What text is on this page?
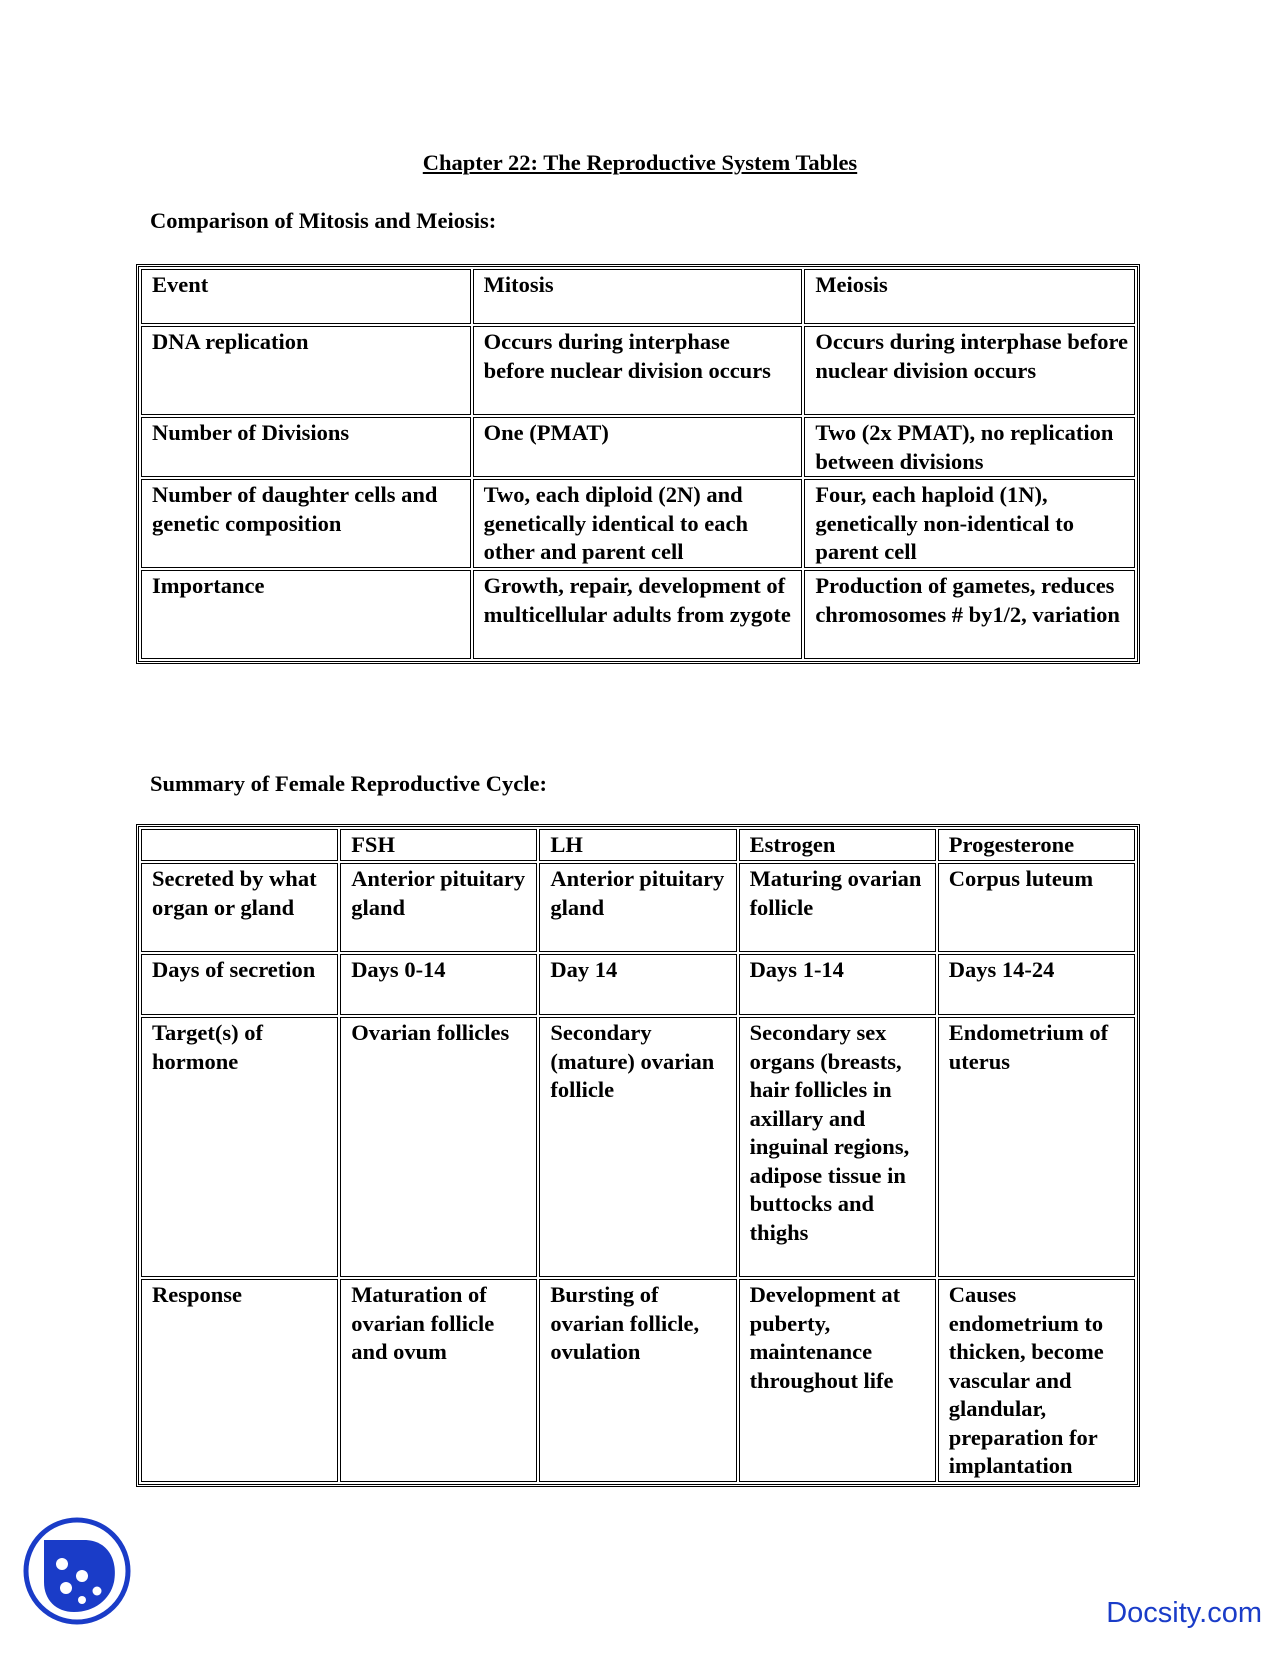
Chapter 22: The Reproductive System Tables
Comparison of Mitosis and Meiosis:
Event	Mitosis	Meiosis
DNA replication	Occurs during interphase before nuclear division occurs	Occurs during interphase before nuclear division occurs
Number of Divisions	One (PMAT)	Two (2x PMAT), no replication between divisions
Number of daughter cells and genetic composition	Two, each diploid (2N) and genetically identical to each other and parent cell	Four, each haploid (1N), genetically non-identical to parent cell
Importance	Growth, repair, development of multicellular adults from zygote	Production of gametes, reduces chromosomes # by1/2, variation
Summary of Female Reproductive Cycle:
	FSH	LH	Estrogen	Progesterone
Secreted by what organ or gland	Anterior pituitary gland	Anterior pituitary gland	Maturing ovarian follicle	Corpus luteum
Days of secretion	Days 0-14	Day 14	Days 1-14	Days 14-24
Target(s) of hormone	Ovarian follicles	Secondary (mature) ovarian follicle	Secondary sex organs (breasts, hair follicles in axillary and inguinal regions, adipose tissue in buttocks and thighs	Endometrium of uterus
Response	Maturation of ovarian follicle and ovum	Bursting of ovarian follicle, ovulation	Development at puberty, maintenance throughout life	Causes endometrium to thicken, become vascular and glandular, preparation for implantation
Docsity.com
